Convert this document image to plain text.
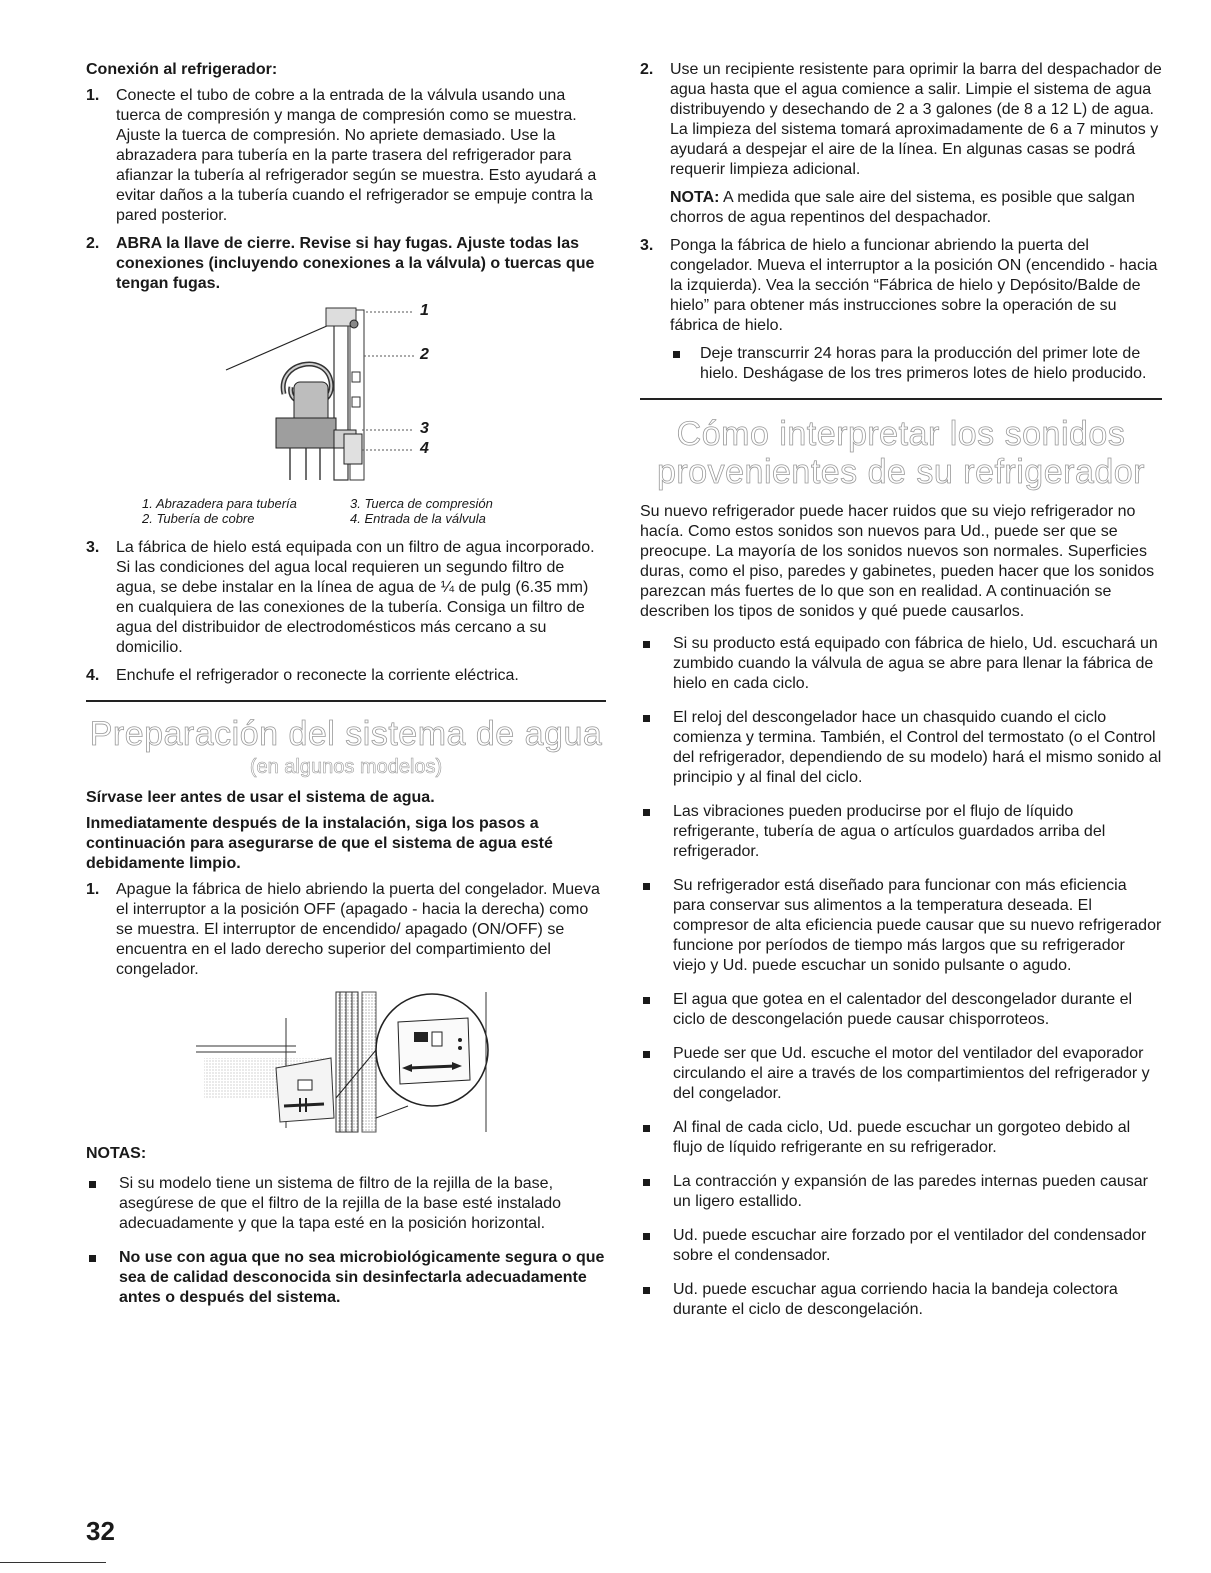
Conexión al refrigerador:

1. Conecte el tubo de cobre a la entrada de la válvula usando una tuerca de compresión y manga de compresión como se muestra. Ajuste la tuerca de compresión. No apriete demasiado. Use la abrazadera para tubería en la parte trasera del refrigerador para afianzar la tubería al refrigerador según se muestra. Esto ayudará a evitar daños a la tubería cuando el refrigerador se empuje contra la pared posterior.
2. ABRA la llave de cierre. Revise si hay fugas. Ajuste todas las conexiones (incluyendo conexiones a la válvula) o tuercas que tengan fugas.
1
2
3
4
1. Abrazadera para tubería	3. Tuerca de compresión
2. Tubería de cobre	4. Entrada de la válvula
3. La fábrica de hielo está equipada con un filtro de agua incorporado. Si las condiciones del agua local requieren un segundo filtro de agua, se debe instalar en la línea de agua de ¼ de pulg (6.35 mm) en cualquiera de las conexiones de la tubería. Consiga un filtro de agua del distribuidor de electrodomésticos más cercano a su domicilio.
4. Enchufe el refrigerador o reconecte la corriente eléctrica.
Preparación del sistema de agua
(en algunos modelos)

Sírvase leer antes de usar el sistema de agua.

Inmediatamente después de la instalación, siga los pasos a continuación para asegurarse de que el sistema de agua esté debidamente limpio.

1. Apague la fábrica de hielo abriendo la puerta del congelador. Mueva el interruptor a la posición OFF (apagado - hacia la derecha) como se muestra. El interruptor de encendido/ apagado (ON/OFF) se encuentra en el lado derecho superior del compartimiento del congelador.

NOTAS:

Si su modelo tiene un sistema de filtro de la rejilla de la base, asegúrese de que el filtro de la rejilla de la base esté instalado adecuadamente y que la tapa esté en la posición horizontal.
No use con agua que no sea microbiológicamente segura o que sea de calidad desconocida sin desinfectarla adecuadamente antes o después del sistema.
2. Use un recipiente resistente para oprimir la barra del despachador de agua hasta que el agua comience a salir. Limpie el sistema de agua distribuyendo y desechando de 2 a 3 galones (de 8 a 12 L) de agua. La limpieza del sistema tomará aproximadamente de 6 a 7 minutos y ayudará a despejar el aire de la línea. En algunas casas se podrá requerir limpieza adicional.
NOTA: A medida que sale aire del sistema, es posible que salgan chorros de agua repentinos del despachador.
3. Ponga la fábrica de hielo a funcionar abriendo la puerta del congelador. Mueva el interruptor a la posición ON (encendido - hacia la izquierda). Vea la sección “Fábrica de hielo y Depósito/Balde de hielo” para obtener más instrucciones sobre la operación de su fábrica de hielo.
Deje transcurrir 24 horas para la producción del primer lote de hielo. Deshágase de los tres primeros lotes de hielo producido.
Cómo interpretar los sonidos
provenientes de su refrigerador

Su nuevo refrigerador puede hacer ruidos que su viejo refrigerador no hacía. Como estos sonidos son nuevos para Ud., puede ser que se preocupe. La mayoría de los sonidos nuevos son normales. Superficies duras, como el piso, paredes y gabinetes, pueden hacer que los sonidos parezcan más fuertes de lo que son en realidad. A continuación se describen los tipos de sonidos y qué puede causarlos.

Si su producto está equipado con fábrica de hielo, Ud. escuchará un zumbido cuando la válvula de agua se abre para llenar la fábrica de hielo en cada ciclo.
El reloj del descongelador hace un chasquido cuando el ciclo comienza y termina. También, el Control del termostato (o el Control del refrigerador, dependiendo de su modelo) hará el mismo sonido al principio y al final del ciclo.
Las vibraciones pueden producirse por el flujo de líquido refrigerante, tubería de agua o artículos guardados arriba del refrigerador.
Su refrigerador está diseñado para funcionar con más eficiencia para conservar sus alimentos a la temperatura deseada. El compresor de alta eficiencia puede causar que su nuevo refrigerador funcione por períodos de tiempo más largos que su refrigerador viejo y Ud. puede escuchar un sonido pulsante o agudo.
El agua que gotea en el calentador del descongelador durante el ciclo de descongelación puede causar chisporroteos.
Puede ser que Ud. escuche el motor del ventilador del evaporador circulando el aire a través de los compartimientos del refrigerador y del congelador.
Al final de cada ciclo, Ud. puede escuchar un gorgoteo debido al flujo de líquido refrigerante en su refrigerador.
La contracción y expansión de las paredes internas pueden causar un ligero estallido.
Ud. puede escuchar aire forzado por el ventilador del condensador sobre el condensador.
Ud. puede escuchar agua corriendo hacia la bandeja colectora durante el ciclo de descongelación.
32
